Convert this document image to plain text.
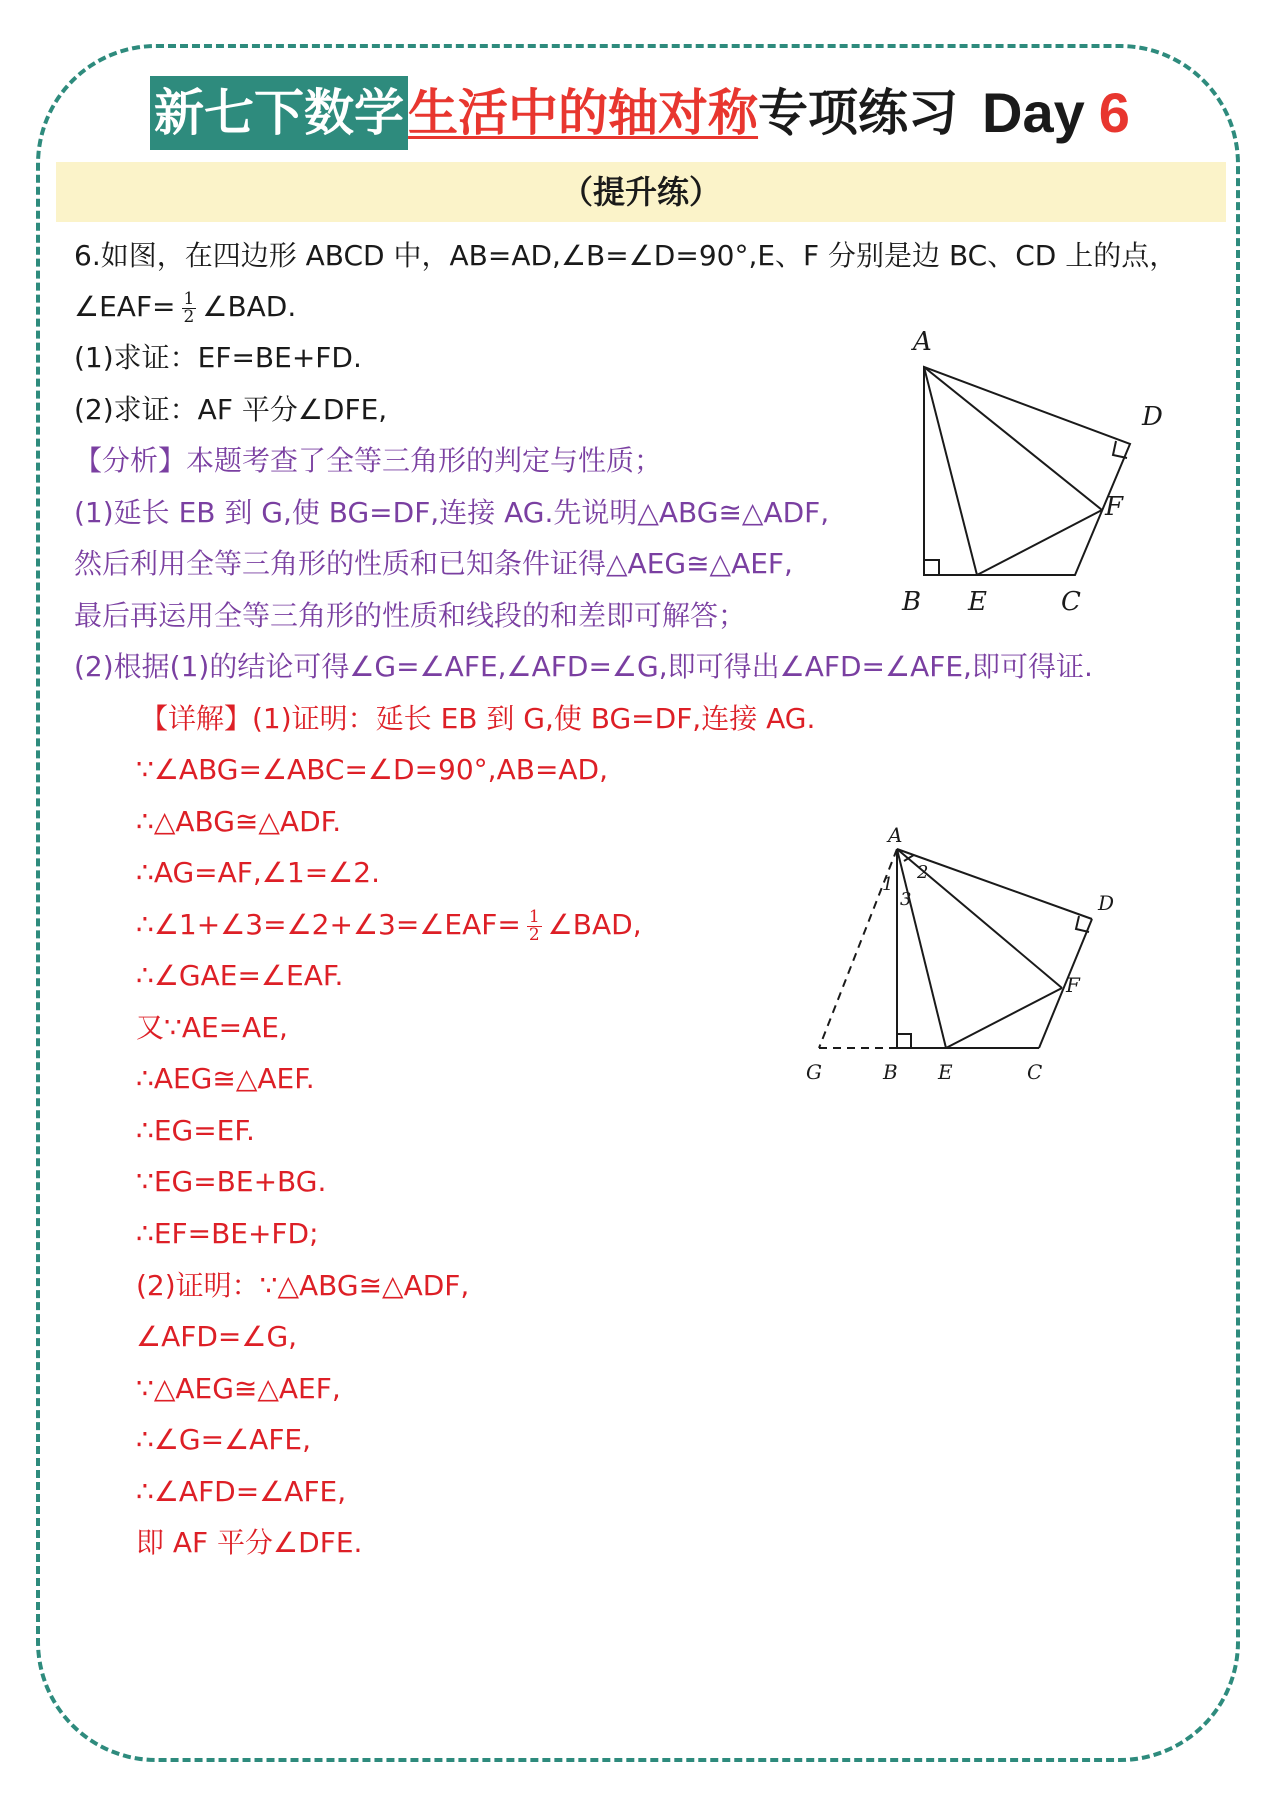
新七下数学生活中的轴对称专项练习 Day 6
（提升练）
6.如图，在四边形 ABCD 中，AB=AD,∠B=∠D=90°,E、F 分别是边 BC、CD 上的点，
∠EAF= $\frac{1}{2}$ ∠BAD.
(1)求证：EF=BE+FD.
(2)求证：AF 平分∠DFE,
【分析】本题考查了全等三角形的判定与性质；
(1)延长 EB 到 G,使 BG=DF,连接 AG.先说明△ABG≅△ADF,
然后利用全等三角形的性质和已知条件证得△AEG≅△AEF,
最后再运用全等三角形的性质和线段的和差即可解答；
(2)根据(1)的结论可得∠G=∠AFE,∠AFD=∠G,即可得出∠AFD=∠AFE,即可得证.
【详解】(1)证明：延长 EB 到 G,使 BG=DF,连接 AG.
∵∠ABG=∠ABC=∠D=90°,AB=AD,
∴△ABG≅△ADF.
∴AG=AF,∠1=∠2.
∴∠1+∠3=∠2+∠3=∠EAF= $\frac{1}{2}$ ∠BAD,
∴∠GAE=∠EAF.
又∵AE=AE,
∴AEG≅△AEF.
∴EG=EF.
∵EG=BE+BG.
∴EF=BE+FD;
(2)证明：∵△ABG≅△ADF,
∠AFD=∠G,
∵△AEG≅△AEF,
∴∠G=∠AFE,
∴∠AFD=∠AFE,
即 AF 平分∠DFE.
A
D
F
B E	C
A
1
2
3	D
F
G	B E	C
